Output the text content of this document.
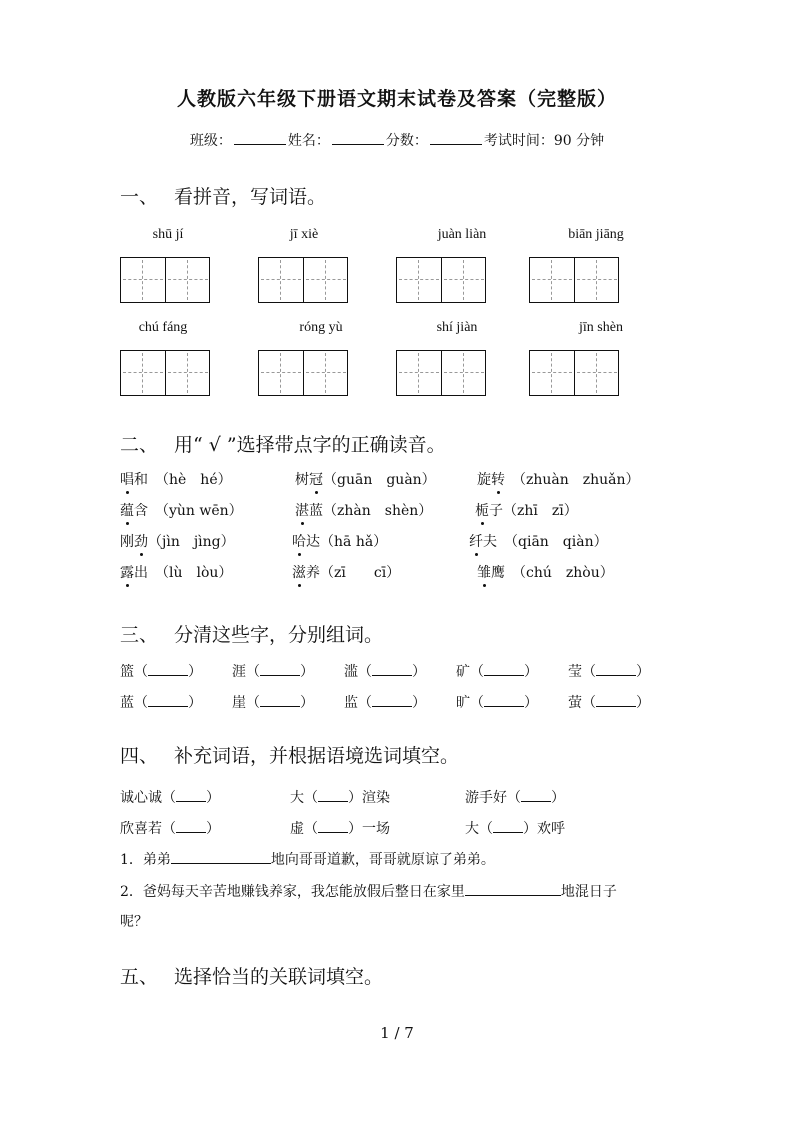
人教版六年级下册语文期末试卷及答案（完整版）
班级：	姓名：	分数：	考试时间：90 分钟
一、 看拼音，写词语。
shū jí	jī xiè	juàn liàn	biān jiāng
chú fáng	róng yù	shí jiàn	jīn shèn
二、 用“ √ ”选择带点字的正确读音。
唱和　 （hè　hé）	树冠（guān　guàn）	旋转　 （zhuàn　zhuǎn）
蕴含　 （yùn wēn）	湛蓝（zhàn　shèn）	栀子（zhī　zī）
刚劲（jìn　jìng）	哈达（hā hǎ）	纤夫　 （qiān　qiàn）
露出　 （lù　lòu）	滋养（zī　　cī）	雏鹰　 （chú　zhòu）
三、 分清这些字，分别组词。
篮（	） 涯（	） 滥（	） 矿（	） 莹（	）
蓝（	） 崖（	） 监（	） 旷（	） 萤（	）
四、 补充词语，并根据语境选词填空。
诚心诚（ ）	大（ ）渲染	游手好（ ）
欣喜若（ ）	虚（ ）一场	大（ ）欢呼
1．弟弟	地向哥哥道歉，哥哥就原谅了弟弟。
2．爸妈每天辛苦地赚钱养家，我怎能放假后整日在家里	地混日子
呢？
五、 选择恰当的关联词填空。
1 / 7
